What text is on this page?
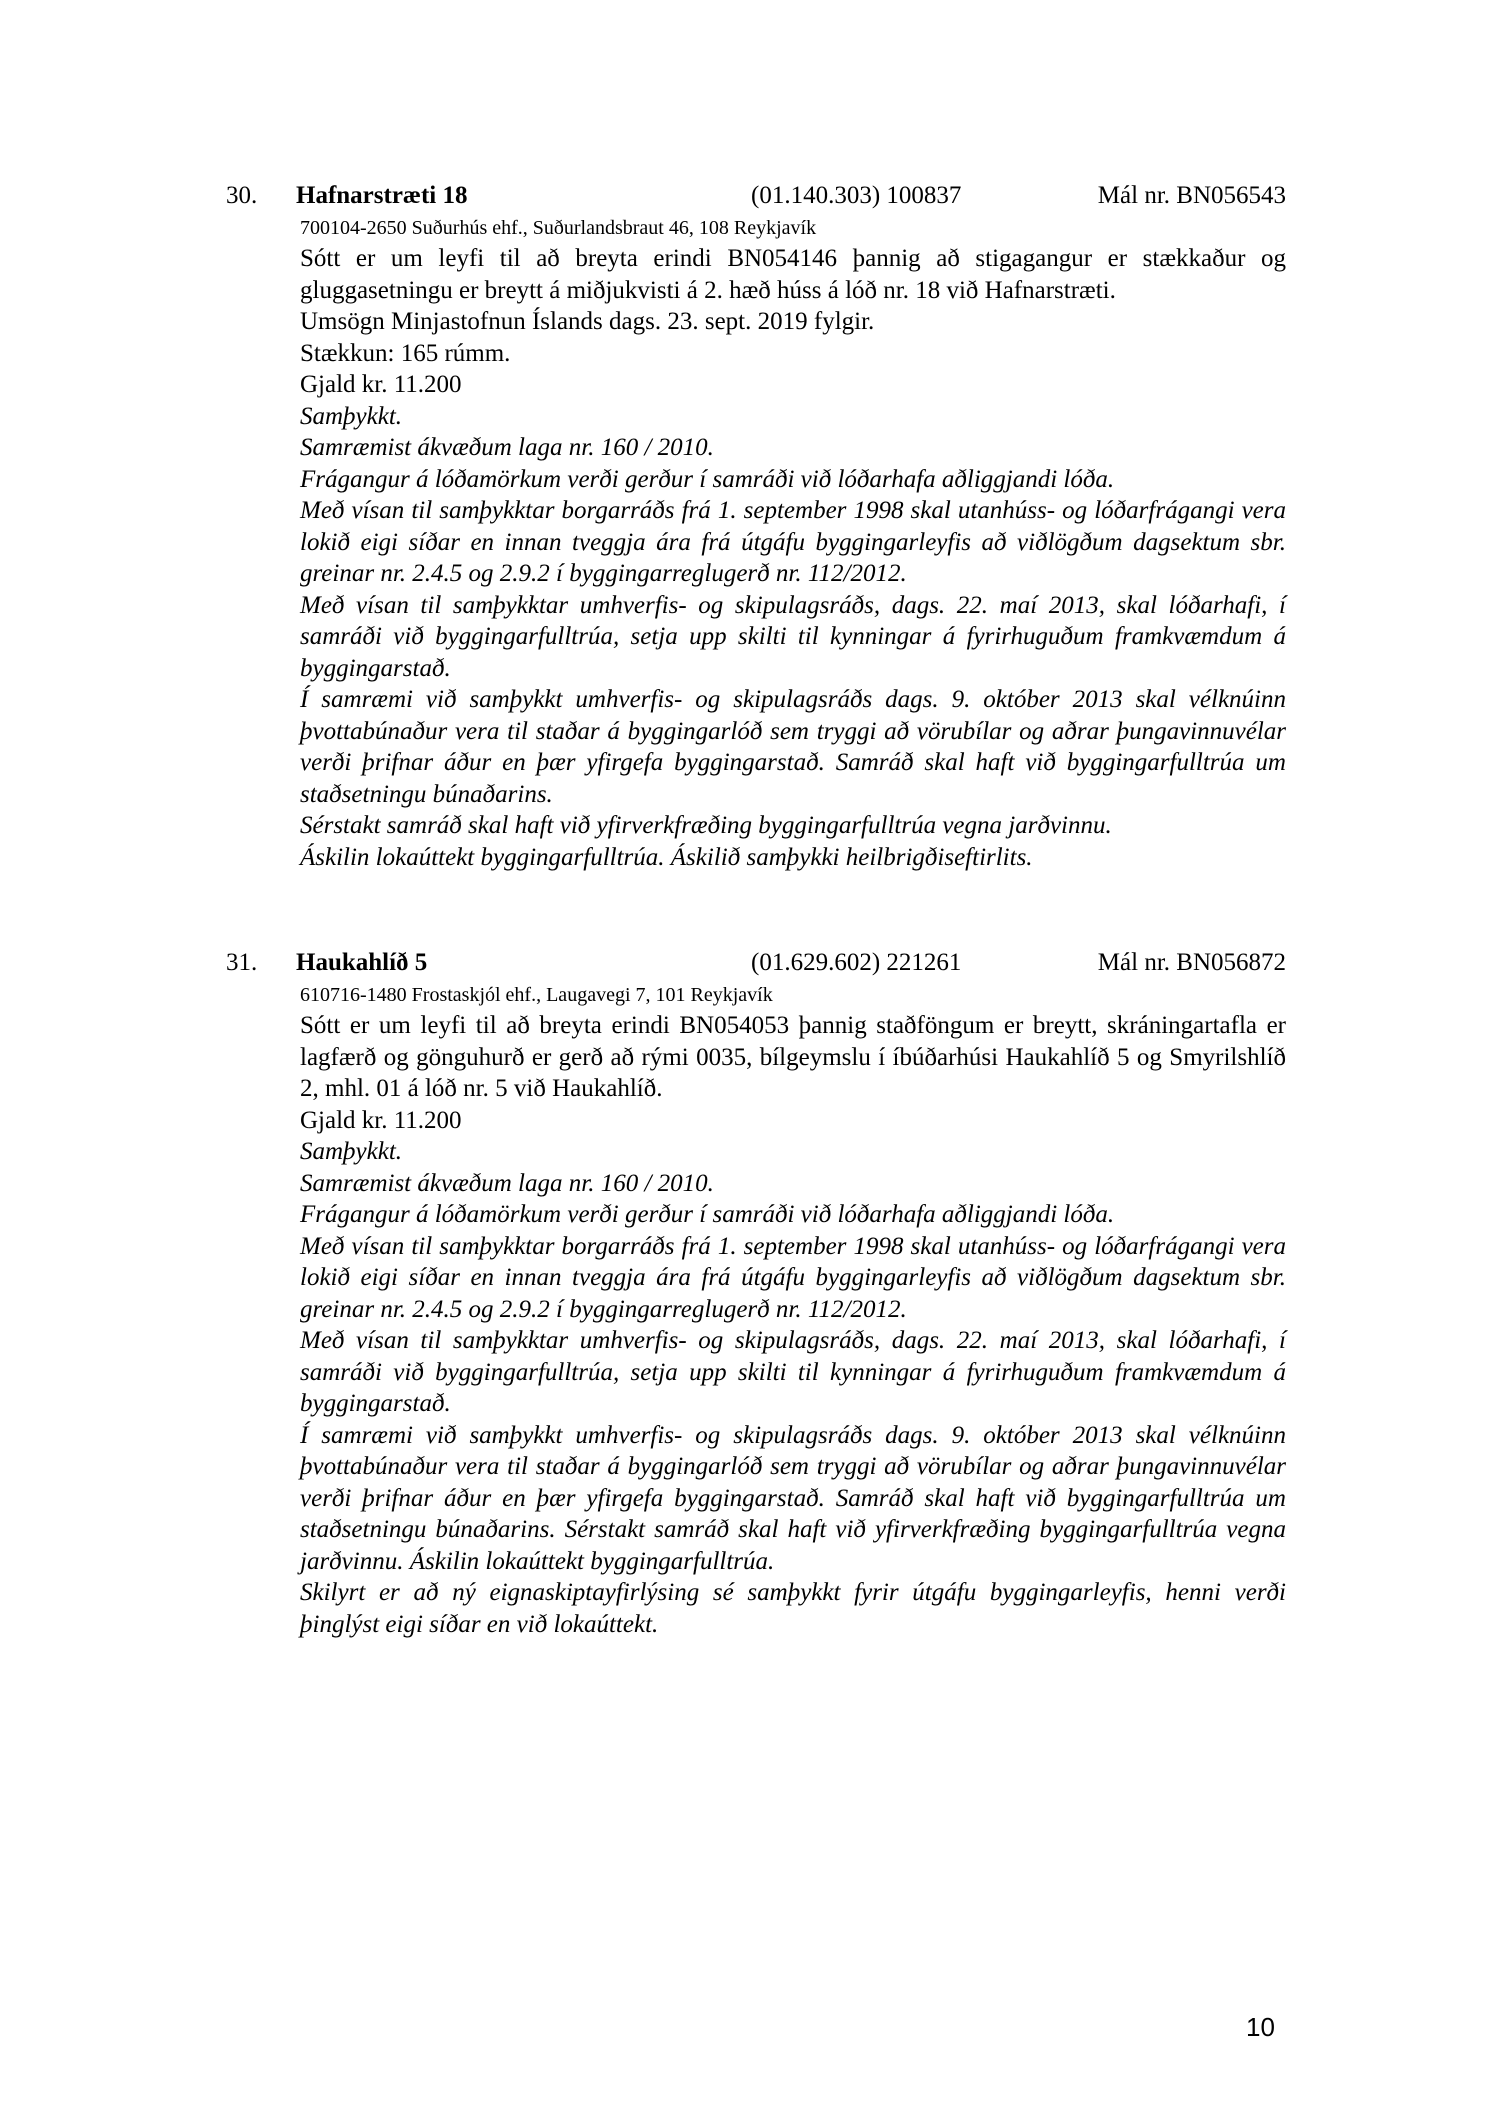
30. Hafnarstræti 18	(01.140.303) 100837	Mál nr. BN056543
700104-2650 Suðurhús ehf., Suðurlandsbraut 46, 108 Reykjavík
Sótt er um leyfi til að breyta erindi BN054146 þannig að stigagangur er stækkaður og gluggasetningu er breytt á miðjukvisti á 2. hæð húss á lóð nr. 18 við Hafnarstræti.
Umsögn Minjastofnun Íslands dags. 23. sept. 2019 fylgir.
Stækkun: 165 rúmm.
Gjald kr. 11.200
Samþykkt.
Samræmist ákvæðum laga nr. 160 / 2010.
Frágangur á lóðamörkum verði gerður í samráði við lóðarhafa aðliggjandi lóða.
Með vísan til samþykktar borgarráðs frá 1. september 1998 skal utanhúss- og lóðarfrágangi vera lokið eigi síðar en innan tveggja ára frá útgáfu byggingarleyfis að viðlögðum dagsektum sbr. greinar nr. 2.4.5 og 2.9.2 í byggingarreglugerð nr. 112/2012.
Með vísan til samþykktar umhverfis- og skipulagsráðs, dags. 22. maí 2013, skal lóðarhafi, í samráði við byggingarfulltrúa, setja upp skilti til kynningar á fyrirhuguðum framkvæmdum á byggingarstað.
Í samræmi við samþykkt umhverfis- og skipulagsráðs dags. 9. október 2013 skal vélknúinn þvottabúnaður vera til staðar á byggingarlóð sem tryggi að vörubílar og aðrar þungavinnuvélar verði þrifnar áður en þær yfirgefa byggingarstað. Samráð skal haft við byggingarfulltrúa um staðsetningu búnaðarins.
Sérstakt samráð skal haft við yfirverkfræðing byggingarfulltrúa vegna jarðvinnu.
Áskilin lokaúttekt byggingarfulltrúa. Áskilið samþykki heilbrigðiseftirlits.
31. Haukahlíð 5	(01.629.602) 221261	Mál nr. BN056872
610716-1480 Frostaskjól ehf., Laugavegi 7, 101 Reykjavík
Sótt er um leyfi til að breyta erindi BN054053 þannig staðföngum er breytt, skráningartafla er lagfærð og gönguhurð er gerð að rými 0035, bílgeymslu í íbúðarhúsi Haukahlíð 5 og Smyrilshlíð 2, mhl. 01 á lóð nr. 5 við Haukahlíð.
Gjald kr. 11.200
Samþykkt.
Samræmist ákvæðum laga nr. 160 / 2010.
Frágangur á lóðamörkum verði gerður í samráði við lóðarhafa aðliggjandi lóða.
Með vísan til samþykktar borgarráðs frá 1. september 1998 skal utanhúss- og lóðarfrágangi vera lokið eigi síðar en innan tveggja ára frá útgáfu byggingarleyfis að viðlögðum dagsektum sbr. greinar nr. 2.4.5 og 2.9.2 í byggingarreglugerð nr. 112/2012.
Með vísan til samþykktar umhverfis- og skipulagsráðs, dags. 22. maí 2013, skal lóðarhafi, í samráði við byggingarfulltrúa, setja upp skilti til kynningar á fyrirhuguðum framkvæmdum á byggingarstað.
Í samræmi við samþykkt umhverfis- og skipulagsráðs dags. 9. október 2013 skal vélknúinn þvottabúnaður vera til staðar á byggingarlóð sem tryggi að vörubílar og aðrar þungavinnuvélar verði þrifnar áður en þær yfirgefa byggingarstað. Samráð skal haft við byggingarfulltrúa um staðsetningu búnaðarins. Sérstakt samráð skal haft við yfirverkfræðing byggingarfulltrúa vegna jarðvinnu. Áskilin lokaúttekt byggingarfulltrúa.
Skilyrt er að ný eignaskiptayfirlýsing sé samþykkt fyrir útgáfu byggingarleyfis, henni verði þinglýst eigi síðar en við lokaúttekt.
10
